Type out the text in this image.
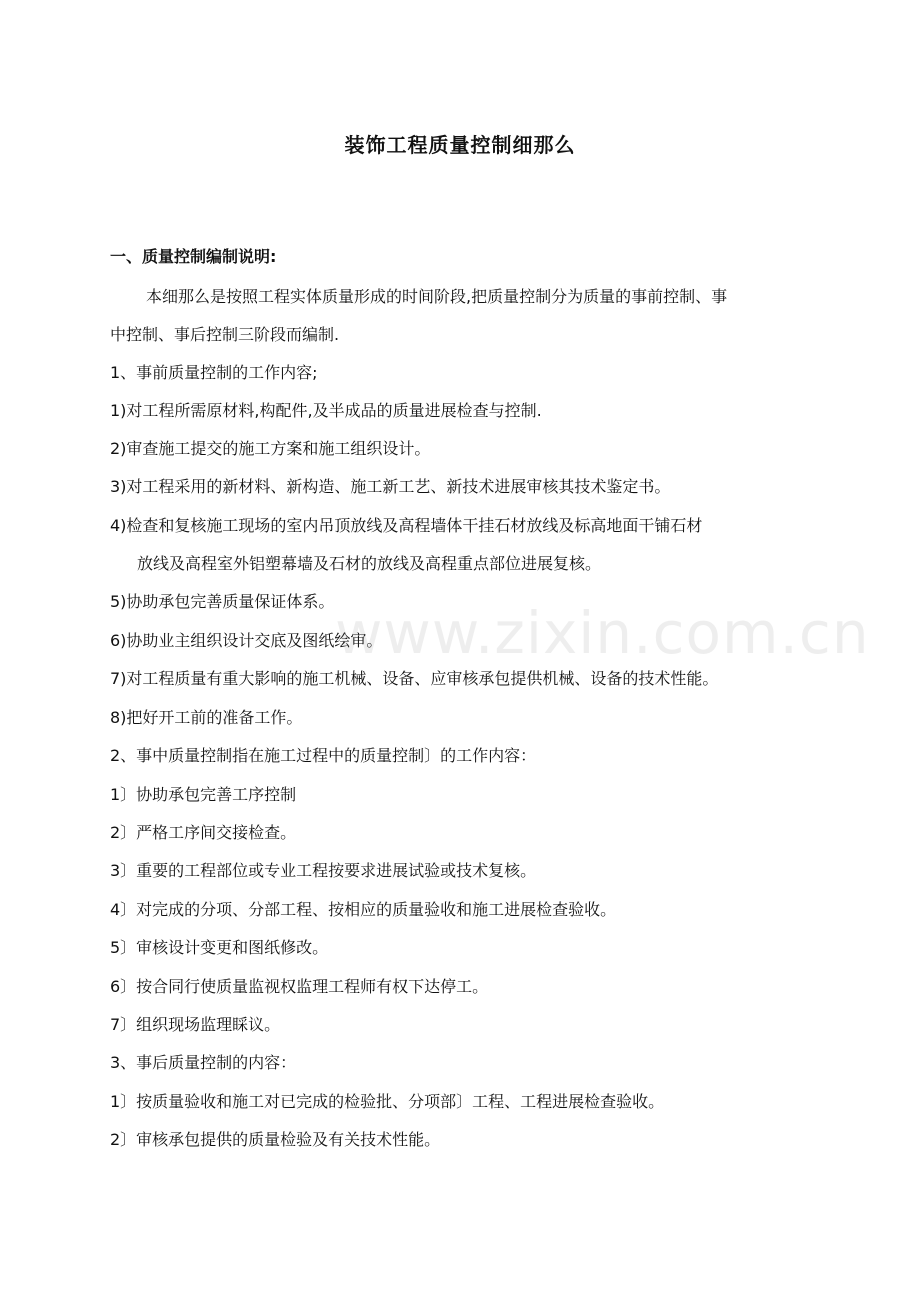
装饰工程质量控制细那么
一、质量控制编制说明:
本细那么是按照工程实体质量形成的时间阶段,把质量控制分为质量的事前控制、事
中控制、事后控制三阶段而编制.
1、事前质量控制的工作内容;
1)对工程所需原材料,构配件,及半成品的质量进展检查与控制.
2)审查施工提交的施工方案和施工组织设计。
3)对工程采用的新材料、新构造、施工新工艺、新技术进展审核其技术鉴定书。
4)检查和复核施工现场的室内吊顶放线及高程墙体干挂石材放线及标高地面干铺石材
放线及高程室外铝塑幕墙及石材的放线及高程重点部位进展复核。
5)协助承包完善质量保证体系。
6)协助业主组织设计交底及图纸绘审。
7)对工程质量有重大影响的施工机械、设备、应审核承包提供机械、设备的技术性能。
8)把好开工前的准备工作。
2、事中质量控制指在施工过程中的质量控制〕的工作内容：
1〕协助承包完善工序控制
2〕严格工序间交接检查。
3〕重要的工程部位或专业工程按要求进展试验或技术复核。
4〕对完成的分项、分部工程、按相应的质量验收和施工进展检查验收。
5〕审核设计变更和图纸修改。
6〕按合同行使质量监视权监理工程师有权下达停工。
7〕组织现场监理睬议。
3、事后质量控制的内容：
1〕按质量验收和施工对已完成的检验批、分项部〕工程、工程进展检查验收。
2〕审核承包提供的质量检验及有关技术性能。
www.zixin.com.cn
